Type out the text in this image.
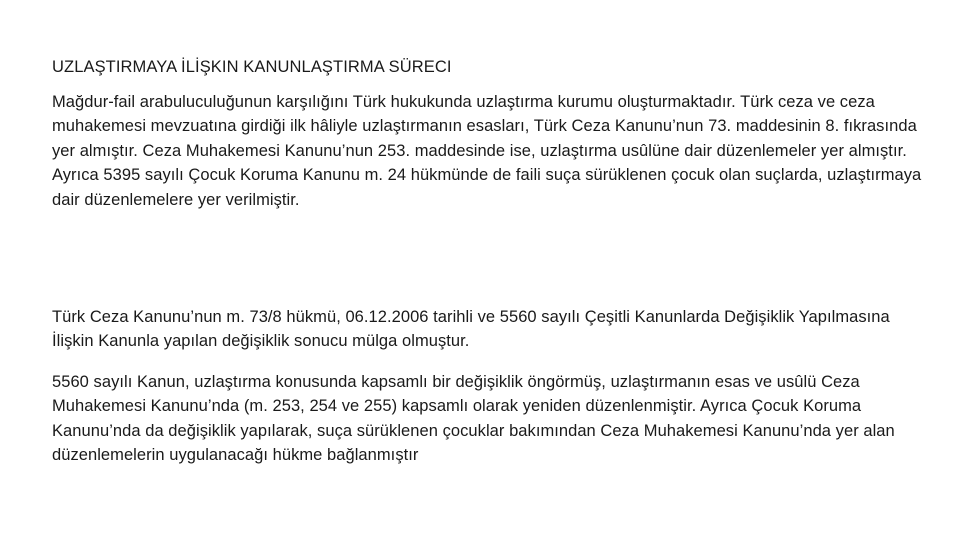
UZLAŞTIRMAYA İLİŞKIN KANUNLAŞTIRMA SÜRECI

Mağdur-fail arabuluculuğunun karşılığını Türk hukukunda uzlaştırma kurumu oluşturmaktadır. Türk ceza ve ceza muhakemesi mevzuatına girdiği ilk hâliyle uzlaştırmanın esasları, Türk Ceza Kanunu’nun 73. maddesinin 8. fıkrasında yer almıştır. Ceza Muhakemesi Kanunu’nun 253. maddesinde ise, uzlaştırma usûlüne dair düzenlemeler yer almıştır. Ayrıca 5395 sayılı Çocuk Koruma Kanunu m. 24 hükmünde de faili suça sürüklenen çocuk olan suçlarda, uzlaştırmaya dair düzenlemelere yer verilmiştir.

Türk Ceza Kanunu’nun m. 73/8 hükmü, 06.12.2006 tarihli ve 5560 sayılı Çeşitli Kanunlarda Değişiklik Yapılmasına İlişkin Kanunla yapılan değişiklik sonucu mülga olmuştur.

5560 sayılı Kanun, uzlaştırma konusunda kapsamlı bir değişiklik öngörmüş, uzlaştırmanın esas ve usûlü Ceza Muhakemesi Kanunu’nda (m. 253, 254 ve 255) kapsamlı olarak yeniden düzenlenmiştir. Ayrıca Çocuk Koruma Kanunu’nda da değişiklik yapılarak, suça sürüklenen çocuklar bakımından Ceza Muhakemesi Kanunu’nda yer alan düzenlemelerin uygulanacağı hükme bağlanmıştır
